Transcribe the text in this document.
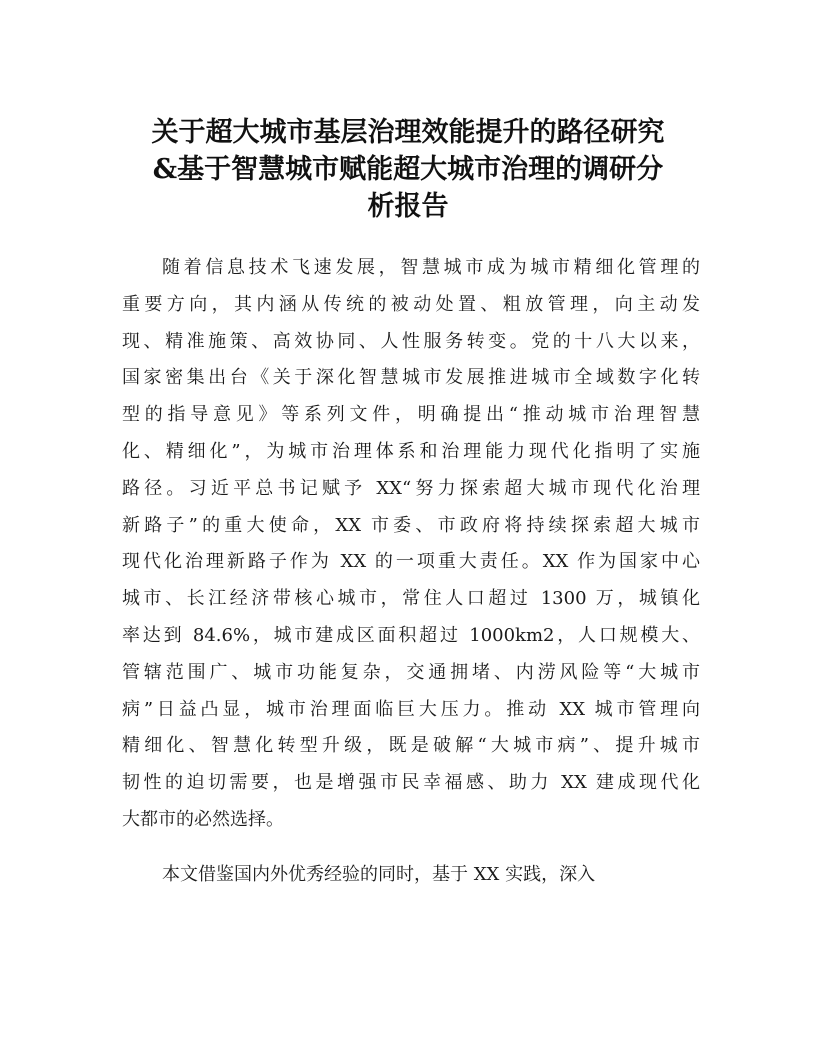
关于超大城市基层治理效能提升的路径研究
&基于智慧城市赋能超大城市治理的调研分
析报告
随着信息技术飞速发展，智慧城市成为城市精细化管理的
重要方向，其内涵从传统的被动处置、粗放管理，向主动发
现、精准施策、高效协同、人性服务转变。党的十八大以来，
国家密集出台《关于深化智慧城市发展推进城市全域数字化转
型的指导意见》等系列文件，明确提出“推动城市治理智慧
化、精细化”，为城市治理体系和治理能力现代化指明了实施
路径。习近平总书记赋予 XX“努力探索超大城市现代化治理
新路子”的重大使命，XX 市委、市政府将持续探索超大城市
现代化治理新路子作为 XX 的一项重大责任。XX 作为国家中心
城市、长江经济带核心城市，常住人口超过 1300 万，城镇化
率达到 84.6%，城市建成区面积超过 1000km2，人口规模大、
管辖范围广、城市功能复杂，交通拥堵、内涝风险等“大城市
病”日益凸显，城市治理面临巨大压力。推动 XX 城市管理向
精细化、智慧化转型升级，既是破解“大城市病”、提升城市
韧性的迫切需要，也是增强市民幸福感、助力 XX 建成现代化
大都市的必然选择。
本文借鉴国内外优秀经验的同时，基于 XX 实践，深入
